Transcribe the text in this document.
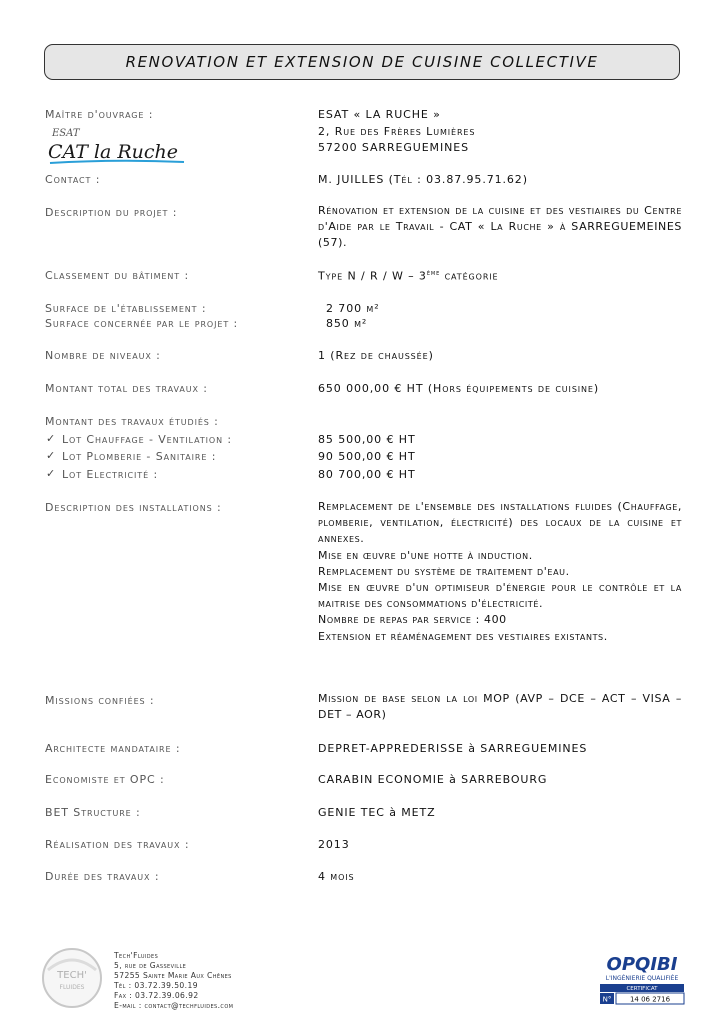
RENOVATION ET EXTENSION DE CUISINE COLLECTIVE
ESAT
CAT la Ruche
Maître d'ouvrage :	ESAT « LA RUCHE »
2, Rue des Frères Lumières
57200 SARREGUEMINES
Contact :	M. JUILLES (Tél : 03.87.95.71.62)
Description du projet :	Rénovation et extension de la cuisine et des vestiaires du Centre d'Aide par le Travail - CAT « La Ruche » à SARREGUEMEINES (57).

Classement du bâtiment :	Type N / R / W – 3ème catégorie
Surface de l'établissement :	2 700 m²
Surface concernée par le projet :	850 m²
Nombre de niveaux :	1 (Rez de chaussée)
Montant total des travaux :	650 000,00 € HT (Hors équipements de cuisine)
Montant des travaux étudiés :
✓ Lot Chauffage - Ventilation :	85 500,00 € HT
✓ Lot Plomberie - Sanitaire :	90 500,00 € HT
✓ Lot Electricité :	80 700,00 € HT
Description des installations :	Remplacement de l'ensemble des installations fluides (Chauffage, plomberie, ventilation, électricité) des locaux de la cuisine et annexes.

Mise en œuvre d'une hotte à induction.

Remplacement du système de traitement d'eau.

Mise en œuvre d'un optimiseur d'énergie pour le contrôle et la maitrise des consommations d'électricité.

Nombre de repas par service : 400

Extension et réaménagement des vestiaires existants.

Missions confiées :	Mission de base selon la loi MOP (AVP – DCE – ACT – VISA – DET – AOR)

Architecte mandataire :	DEPRET-APPREDERISSE à SARREGUEMINES
Economiste et OPC :	CARABIN ECONOMIE à SARREBOURG
BET Structure :	GENIE TEC à METZ
Réalisation des travaux :	2013
Durée des travaux :	4 mois
TECH'
FLUIDES
Tech'Fluides
5, rue de Gasseville
57255 Sainte Marie Aux Chênes
Tél : 03.72.39.50.19
Fax : 03.72.39.06.92
E-mail : contact@techfluides.com
OPQIBI
L'INGÉNIERIE QUALIFIÉE
CERTIFICAT
N°	14 06 2716
